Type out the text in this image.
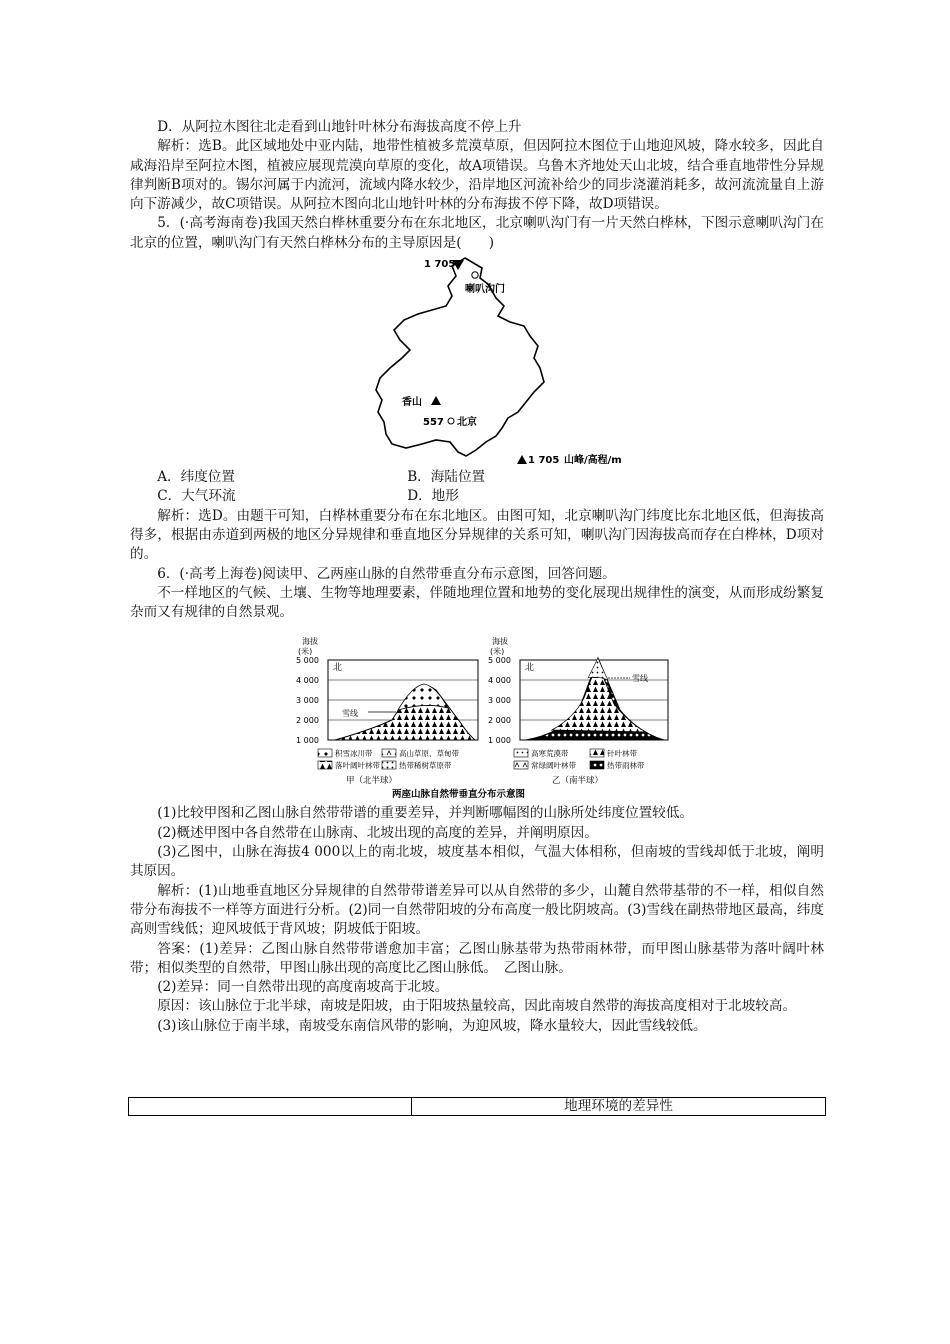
D．从阿拉木图往北走看到山地针叶林分布海拔高度不停上升

解析：选B。此区域地处中亚内陆，地带性植被多荒漠草原，但因阿拉木图位于山地迎风坡，降水较多，因此自咸海沿岸至阿拉木图，植被应展现荒漠向草原的变化，故A项错误。乌鲁木齐地处天山北坡，结合垂直地带性分异规律判断B项对的。锡尔河属于内流河，流域内降水较少，沿岸地区河流补给少的同步浇灌消耗多，故河流流量自上游向下游减少，故C项错误。从阿拉木图向北山地针叶林的分布海拔不停下降，故D项错误。

5．(·高考海南卷)我国天然白桦林重要分布在东北地区，北京喇叭沟门有一片天然白桦林，下图示意喇叭沟门在北京的位置，喇叭沟门有天然白桦林分布的主导原因是(　　)

1 705
喇叭沟门
香山
557 北京
1 705 山峰/高程/m
A．纬度位置	B．海陆位置
C．大气环流	D．地形

解析：选D。由题干可知，白桦林重要分布在东北地区。由图可知，北京喇叭沟门纬度比东北地区低，但海拔高得多，根据由赤道到两极的地区分异规律和垂直地区分异规律的关系可知，喇叭沟门因海拔高而存在白桦林，D项对的。

6．(·高考上海卷)阅读甲、乙两座山脉的自然带垂直分布示意图，回答问题。

不一样地区的气候、土壤、生物等地理要素，伴随地理位置和地势的变化展现出规律性的演变，从而形成纷繁复杂而又有规律的自然景观。

雪线
海拔
(米)
北
5 000
4 000
3 000
2 000
1 000
雪线
海拔
(米)
北
5 000
4 000
3 000
2 000
1 000
积雪冰川带	高山草原、草甸带
落叶阔叶林带	热带稀树草原带
高寒荒漠带	针叶林带
常绿阔叶林带	热带雨林带
甲（北半球）	乙（南半球）
两座山脉自然带垂直分布示意图

(1)比较甲图和乙图山脉自然带带谱的重要差异，并判断哪幅图的山脉所处纬度位置较低。

(2)概述甲图中各自然带在山脉南、北坡出现的高度的差异，并阐明原因。

(3)乙图中，山脉在海拔4 000以上的南北坡，坡度基本相似，气温大体相称，但南坡的雪线却低于北坡，阐明其原因。

解析：(1)山地垂直地区分异规律的自然带带谱差异可以从自然带的多少，山麓自然带基带的不一样，相似自然带分布海拔不一样等方面进行分析。(2)同一自然带阳坡的分布高度一般比阴坡高。(3)雪线在副热带地区最高，纬度高则雪线低；迎风坡低于背风坡；阴坡低于阳坡。

答案：(1)差异：乙图山脉自然带带谱愈加丰富；乙图山脉基带为热带雨林带，而甲图山脉基带为落叶阔叶林带；相似类型的自然带，甲图山脉出现的高度比乙图山脉低。　乙图山脉。

(2)差异：同一自然带出现的高度南坡高于北坡。

原因：该山脉位于北半球，南坡是阳坡，由于阳坡热量较高，因此南坡自然带的海拔高度相对于北坡较高。

(3)该山脉位于南半球，南坡受东南信风带的影响，为迎风坡，降水量较大，因此雪线较低。

地理环境的差异性
